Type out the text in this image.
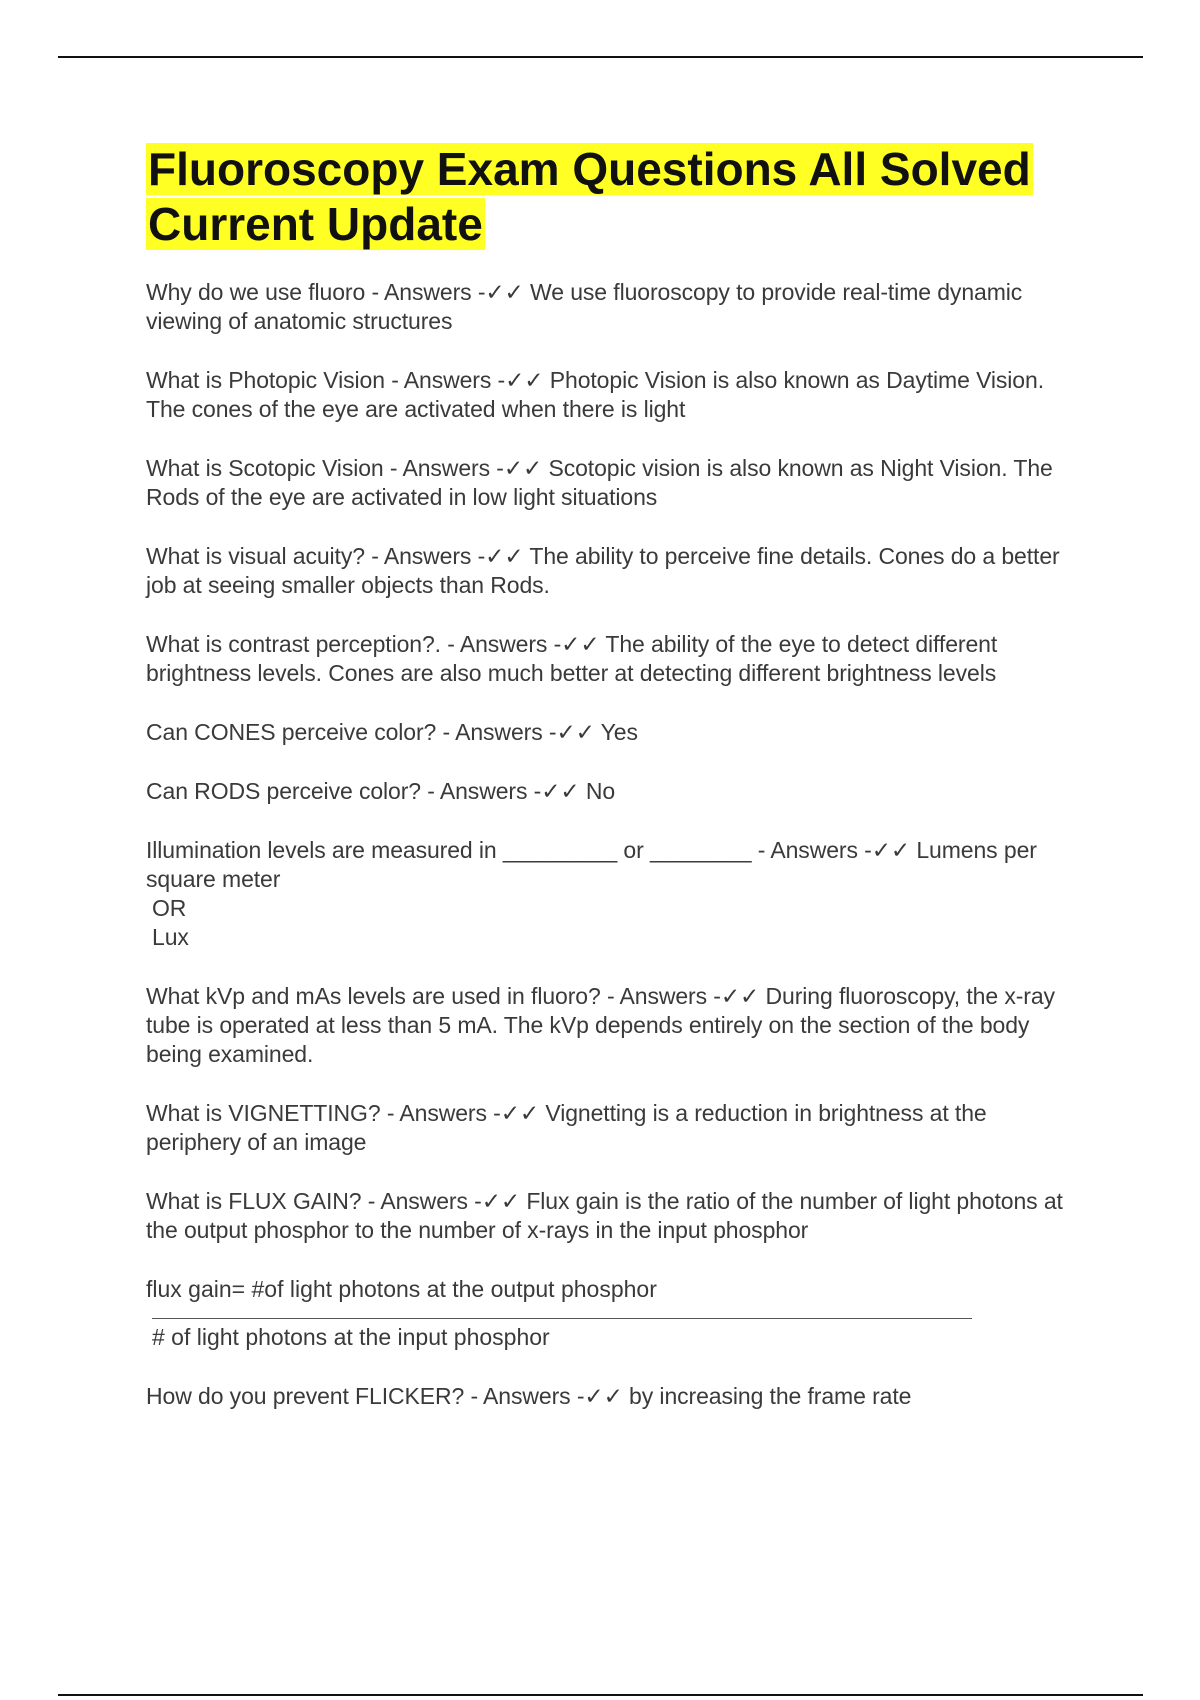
Fluoroscopy Exam Questions All Solved Current Update
Why do we use fluoro - Answers -✓✓ We use fluoroscopy to provide real-time dynamic viewing of anatomic structures
What is Photopic Vision - Answers -✓✓ Photopic Vision is also known as Daytime Vision. The cones of the eye are activated when there is light
What is Scotopic Vision - Answers -✓✓ Scotopic vision is also known as Night Vision. The Rods of the eye are activated in low light situations
What is visual acuity? - Answers -✓✓ The ability to perceive fine details. Cones do a better job at seeing smaller objects than Rods.
What is contrast perception?. - Answers -✓✓ The ability of the eye to detect different brightness levels. Cones are also much better at detecting different brightness levels
Can CONES perceive color? - Answers -✓✓ Yes
Can RODS perceive color? - Answers -✓✓ No
Illumination levels are measured in _________ or ________ - Answers -✓✓ Lumens per square meter
OR
Lux
What kVp and mAs levels are used in fluoro? - Answers -✓✓ During fluoroscopy, the x-ray tube is operated at less than 5 mA. The kVp depends entirely on the section of the body being examined.
What is VIGNETTING? - Answers -✓✓ Vignetting is a reduction in brightness at the periphery of an image
What is FLUX GAIN? - Answers -✓✓ Flux gain is the ratio of the number of light photons at the output phosphor to the number of x-rays in the input phosphor
flux gain= #of light photons at the output phosphor
# of light photons at the input phosphor
How do you prevent FLICKER? - Answers -✓✓ by increasing the frame rate
